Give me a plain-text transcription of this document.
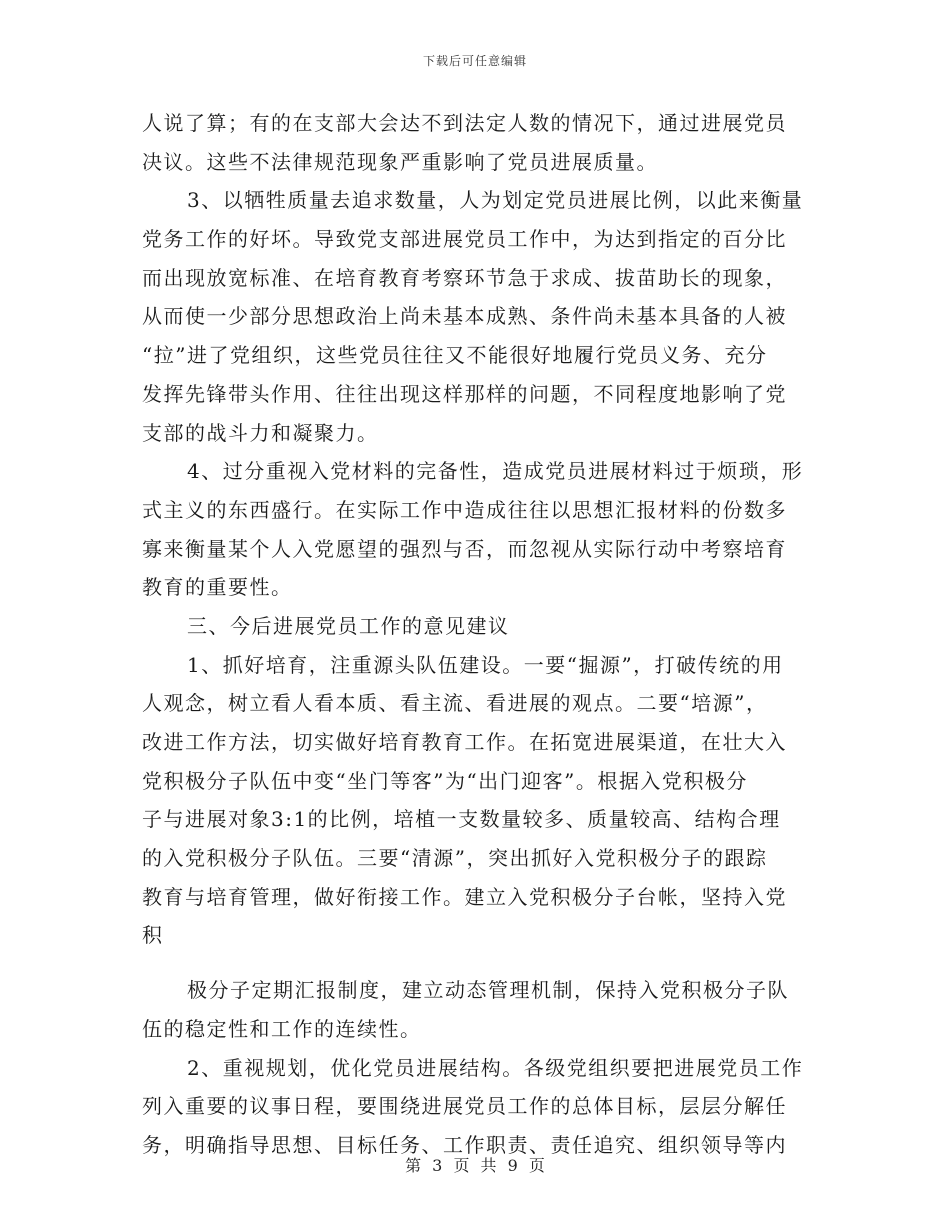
下载后可任意编辑
人说了算；有的在支部大会达不到法定人数的情况下，通过进展党员
决议。这些不法律规范现象严重影响了党员进展质量。
3、以牺牲质量去追求数量，人为划定党员进展比例，以此来衡量
党务工作的好坏。导致党支部进展党员工作中，为达到指定的百分比
而出现放宽标准、在培育教育考察环节急于求成、拔苗助长的现象，
从而使一少部分思想政治上尚未基本成熟、条件尚未基本具备的人被
“拉”进了党组织，这些党员往往又不能很好地履行党员义务、充分
发挥先锋带头作用、往往出现这样那样的问题，不同程度地影响了党
支部的战斗力和凝聚力。
4、过分重视入党材料的完备性，造成党员进展材料过于烦琐，形
式主义的东西盛行。在实际工作中造成往往以思想汇报材料的份数多
寡来衡量某个人入党愿望的强烈与否，而忽视从实际行动中考察培育
教育的重要性。
三、今后进展党员工作的意见建议
1、抓好培育，注重源头队伍建设。一要“掘源”，打破传统的用
人观念，树立看人看本质、看主流、看进展的观点。二要“培源”，
改进工作方法，切实做好培育教育工作。在拓宽进展渠道，在壮大入
党积极分子队伍中变“坐门等客”为“出门迎客”。根据入党积极分
子与进展对象3:1的比例，培植一支数量较多、质量较高、结构合理
的入党积极分子队伍。三要“清源”，突出抓好入党积极分子的跟踪
教育与培育管理，做好衔接工作。建立入党积极分子台帐，坚持入党
积
极分子定期汇报制度，建立动态管理机制，保持入党积极分子队
伍的稳定性和工作的连续性。
2、重视规划，优化党员进展结构。各级党组织要把进展党员工作
列入重要的议事日程，要围绕进展党员工作的总体目标，层层分解任
务，明确指导思想、目标任务、工作职责、责任追究、组织领导等内
第 3 页 共 9 页
